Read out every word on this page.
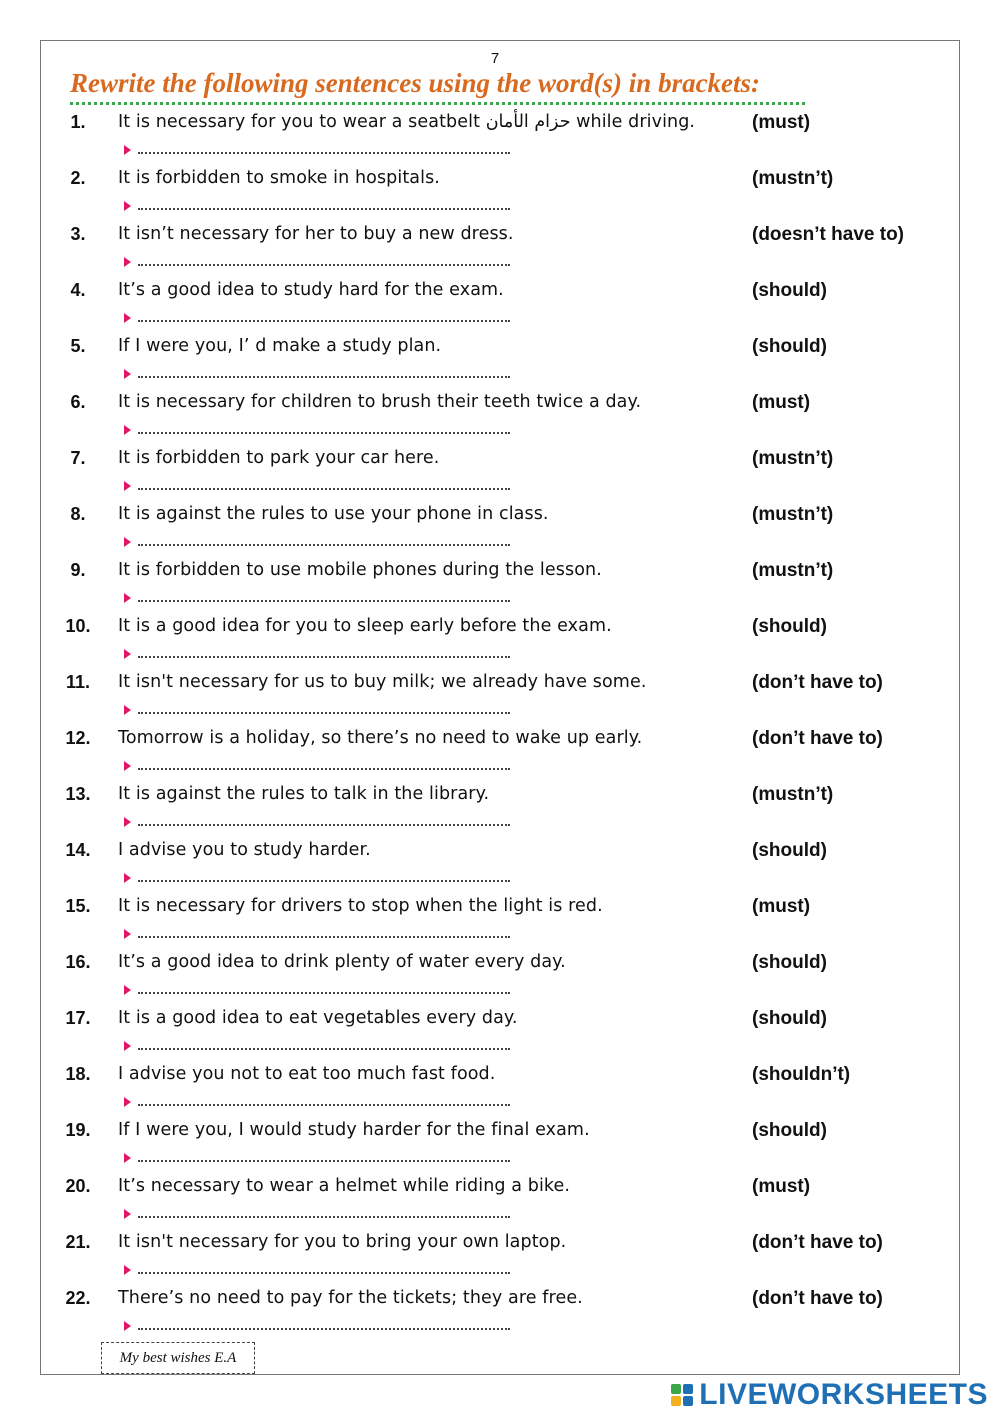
7
Rewrite the following sentences using the word(s) in brackets:
1.	It is necessary for you to wear a seatbelt حزام الأمان while driving.	(must)
2.	It is forbidden to smoke in hospitals.	(mustn’t)
3.	It isn’t necessary for her to buy a new dress.	(doesn’t have to)
4.	It’s a good idea to study hard for the exam.	(should)
5.	If I were you, I’ d make a study plan.	(should)
6.	It is necessary for children to brush their teeth twice a day.	(must)
7.	It is forbidden to park your car here.	(mustn’t)
8.	It is against the rules to use your phone in class.	(mustn’t)
9.	It is forbidden to use mobile phones during the lesson.	(mustn’t)
10.	It is a good idea for you to sleep early before the exam.	(should)
11.	It isn't necessary for us to buy milk; we already have some.	(don’t have to)
12.	Tomorrow is a holiday, so there’s no need to wake up early.	(don’t have to)
13.	It is against the rules to talk in the library.	(mustn’t)
14.	I advise you to study harder.	(should)
15.	It is necessary for drivers to stop when the light is red.	(must)
16.	It’s a good idea to drink plenty of water every day.	(should)
17.	It is a good idea to eat vegetables every day.	(should)
18.	I advise you not to eat too much fast food.	(shouldn’t)
19.	If I were you, I would study harder for the final exam.	(should)
20.	It’s necessary to wear a helmet while riding a bike.	(must)
21.	It isn't necessary for you to bring your own laptop.	(don’t have to)
22.	There’s no need to pay for the tickets; they are free.	(don’t have to)
My best wishes E.A
LIVEWORKSHEETS
